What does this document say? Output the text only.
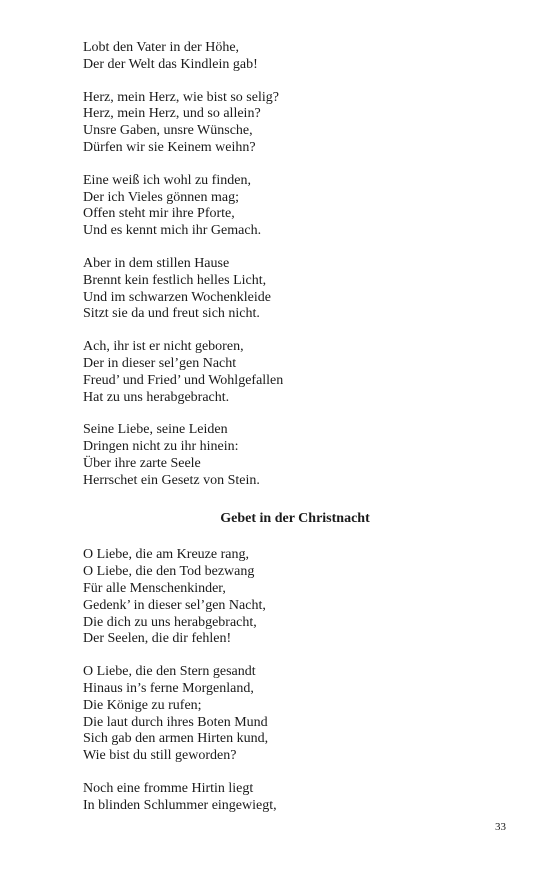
Lobt den Vater in der Höhe,
Der der Welt das Kindlein gab!
Herz, mein Herz, wie bist so selig?
Herz, mein Herz, und so allein?
Unsre Gaben, unsre Wünsche,
Dürfen wir sie Keinem weihn?
Eine weiß ich wohl zu finden,
Der ich Vieles gönnen mag;
Offen steht mir ihre Pforte,
Und es kennt mich ihr Gemach.
Aber in dem stillen Hause
Brennt kein festlich helles Licht,
Und im schwarzen Wochenkleide
Sitzt sie da und freut sich nicht.
Ach, ihr ist er nicht geboren,
Der in dieser sel’gen Nacht
Freud’ und Fried’ und Wohlgefallen
Hat zu uns herabgebracht.
Seine Liebe, seine Leiden
Dringen nicht zu ihr hinein:
Über ihre zarte Seele
Herrschet ein Gesetz von Stein.
Gebet in der Christnacht
O Liebe, die am Kreuze rang,
O Liebe, die den Tod bezwang
Für alle Menschenkinder,
Gedenk’ in dieser sel’gen Nacht,
Die dich zu uns herabgebracht,
Der Seelen, die dir fehlen!
O Liebe, die den Stern gesandt
Hinaus in’s ferne Morgenland,
Die Könige zu rufen;
Die laut durch ihres Boten Mund
Sich gab den armen Hirten kund,
Wie bist du still geworden?
Noch eine fromme Hirtin liegt
In blinden Schlummer eingewiegt,
33
